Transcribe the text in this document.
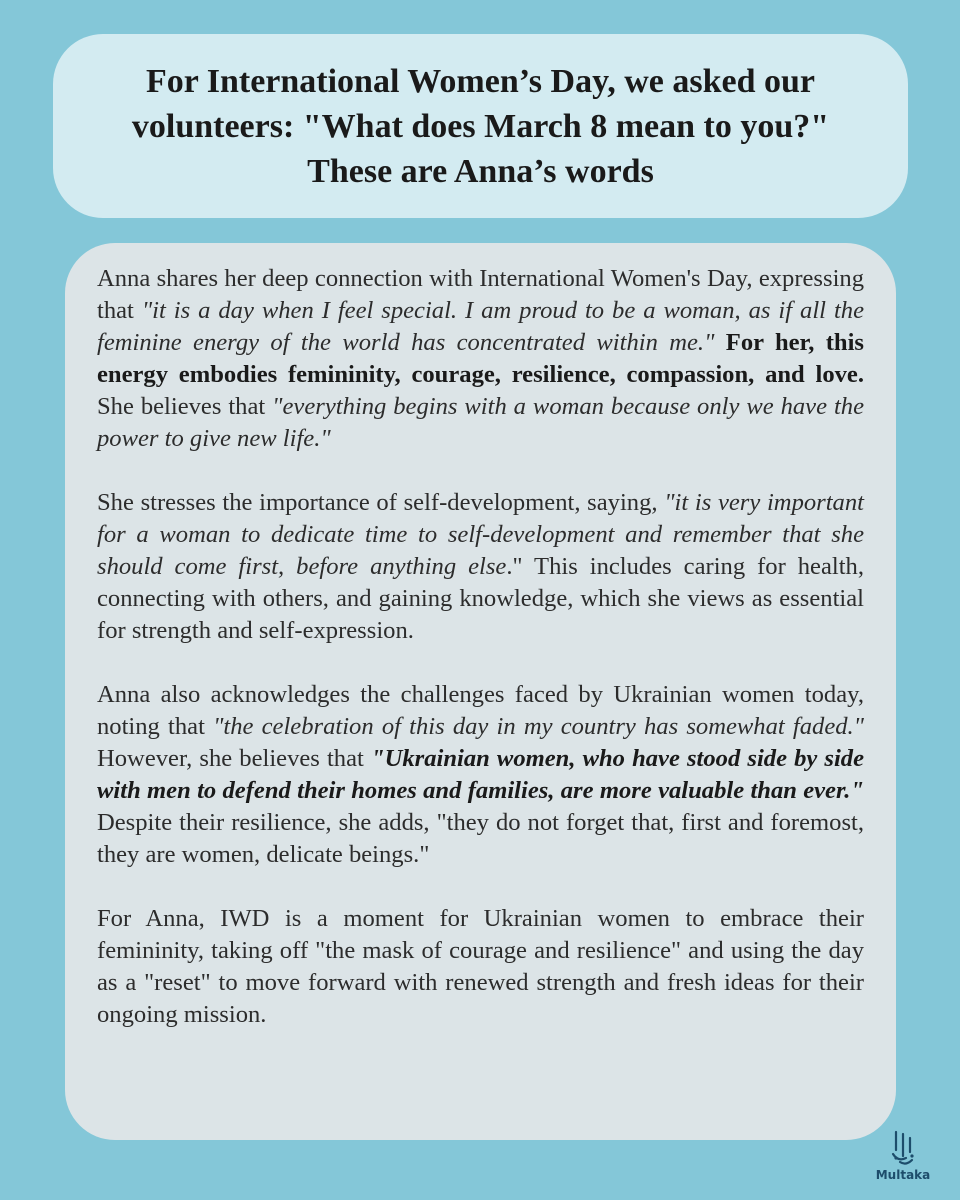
For International Women’s Day, we asked our
volunteers: "What does March 8 mean to you?"
These are Anna’s words

Anna shares her deep connection with International Women's Day, expressing that "it is a day when I feel special. I am proud to be a woman, as if all the feminine energy of the world has concentrated within me." For her, this energy embodies femininity, courage, resilience, compassion, and love. She believes that "everything begins with a woman because only we have the power to give new life."

She stresses the importance of self-development, saying, "it is very important for a woman to dedicate time to self-development and remember that she should come first, before anything else." This includes caring for health, connecting with others, and gaining knowledge, which she views as essential for strength and self-expression.

Anna also acknowledges the challenges faced by Ukrainian women today, noting that "the celebration of this day in my country has somewhat faded." However, she believes that "Ukrainian women, who have stood side by side with men to defend their homes and families, are more valuable than ever." Despite their resilience, she adds, "they do not forget that, first and foremost, they are women, delicate beings."

For Anna, IWD is a moment for Ukrainian women to embrace their femininity, taking off "the mask of courage and resilience" and using the day as a "reset" to move forward with renewed strength and fresh ideas for their ongoing mission.

Multaka
